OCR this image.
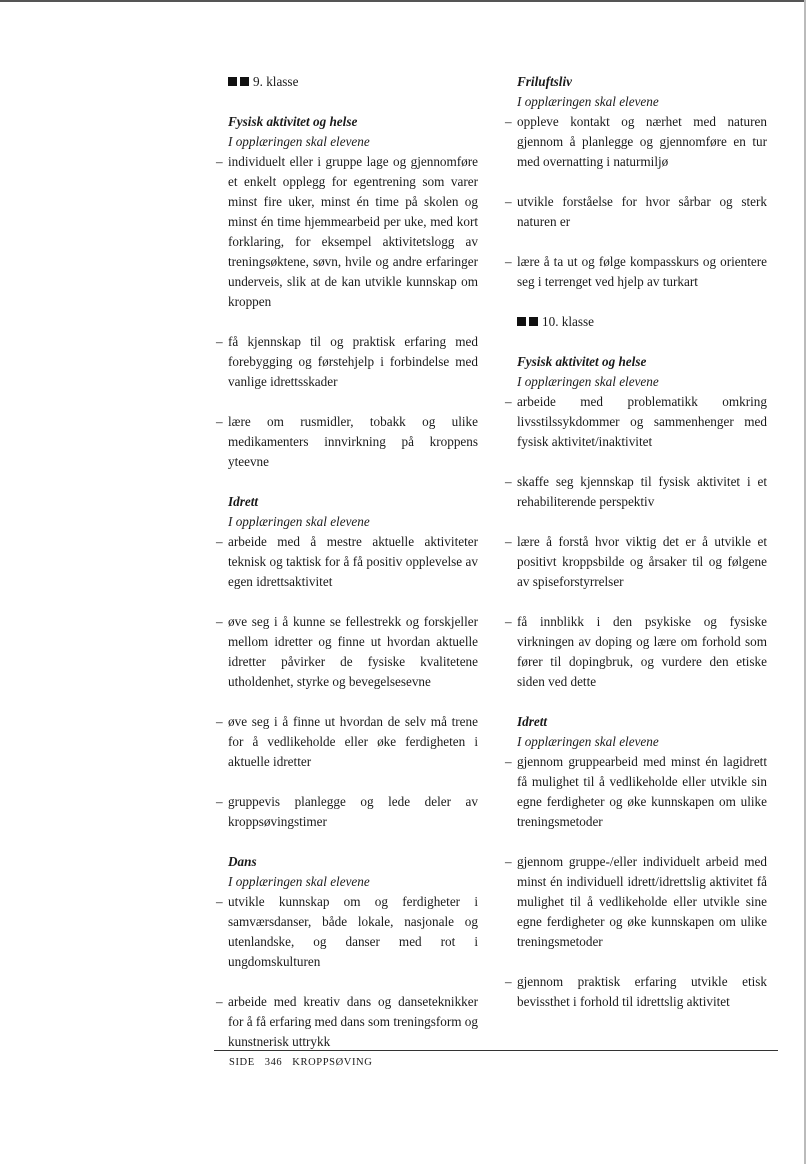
9. klasse
Fysisk aktivitet og helse
I opplæringen skal elevene
– individuelt eller i gruppe lage og gjennomføre et enkelt opplegg for egentrening som varer minst fire uker, minst én time på skolen og minst én time hjemmearbeid per uke, med kort forklaring, for eksempel aktivitetslogg av treningsøktene, søvn, hvile og andre erfaringer underveis, slik at de kan utvikle kunnskap om kroppen
– få kjennskap til og praktisk erfaring med forebygging og førstehjelp i forbindelse med vanlige idrettsskader
– lære om rusmidler, tobakk og ulike medikamenters innvirkning på kroppens yteevne
Idrett
I opplæringen skal elevene
– arbeide med å mestre aktuelle aktiviteter teknisk og taktisk for å få positiv opplevelse av egen idrettsaktivitet
– øve seg i å kunne se fellestrekk og forskjeller mellom idretter og finne ut hvordan aktuelle idretter påvirker de fysiske kvalitetene utholdenhet, styrke og bevegelsesevne
– øve seg i å finne ut hvordan de selv må trene for å vedlikeholde eller øke ferdigheten i aktuelle idretter
– gruppevis planlegge og lede deler av kroppsøvingstimer
Dans
I opplæringen skal elevene
– utvikle kunnskap om og ferdigheter i samværsdanser, både lokale, nasjonale og utenlandske, og danser med rot i ungdomskulturen
– arbeide med kreativ dans og danseteknikker for å få erfaring med dans som treningsform og kunstnerisk uttrykk
Friluftsliv
I opplæringen skal elevene
– oppleve kontakt og nærhet med naturen gjennom å planlegge og gjennomføre en tur med overnatting i naturmiljø
– utvikle forståelse for hvor sårbar og sterk naturen er
– lære å ta ut og følge kompasskurs og orientere seg i terrenget ved hjelp av turkart
10. klasse
Fysisk aktivitet og helse
I opplæringen skal elevene
– arbeide med problematikk omkring livsstilssykdommer og sammenhenger med fysisk aktivitet/inaktivitet
– skaffe seg kjennskap til fysisk aktivitet i et rehabiliterende perspektiv
– lære å forstå hvor viktig det er å utvikle et positivt kroppsbilde og årsaker til og følgene av spiseforstyrrelser
– få innblikk i den psykiske og fysiske virkningen av doping og lære om forhold som fører til dopingbruk, og vurdere den etiske siden ved dette
Idrett
I opplæringen skal elevene
– gjennom gruppearbeid med minst én lagidrett få mulighet til å vedlikeholde eller utvikle sin egne ferdigheter og øke kunnskapen om ulike treningsmetoder
– gjennom gruppe-/eller individuelt arbeid med minst én individuell idrett/idrettslig aktivitet få mulighet til å vedlikeholde eller utvikle sine egne ferdigheter og øke kunnskapen om ulike treningsmetoder
– gjennom praktisk erfaring utvikle etisk bevissthet i forhold til idrettslig aktivitet
SIDE 346 KROPPSØVING
